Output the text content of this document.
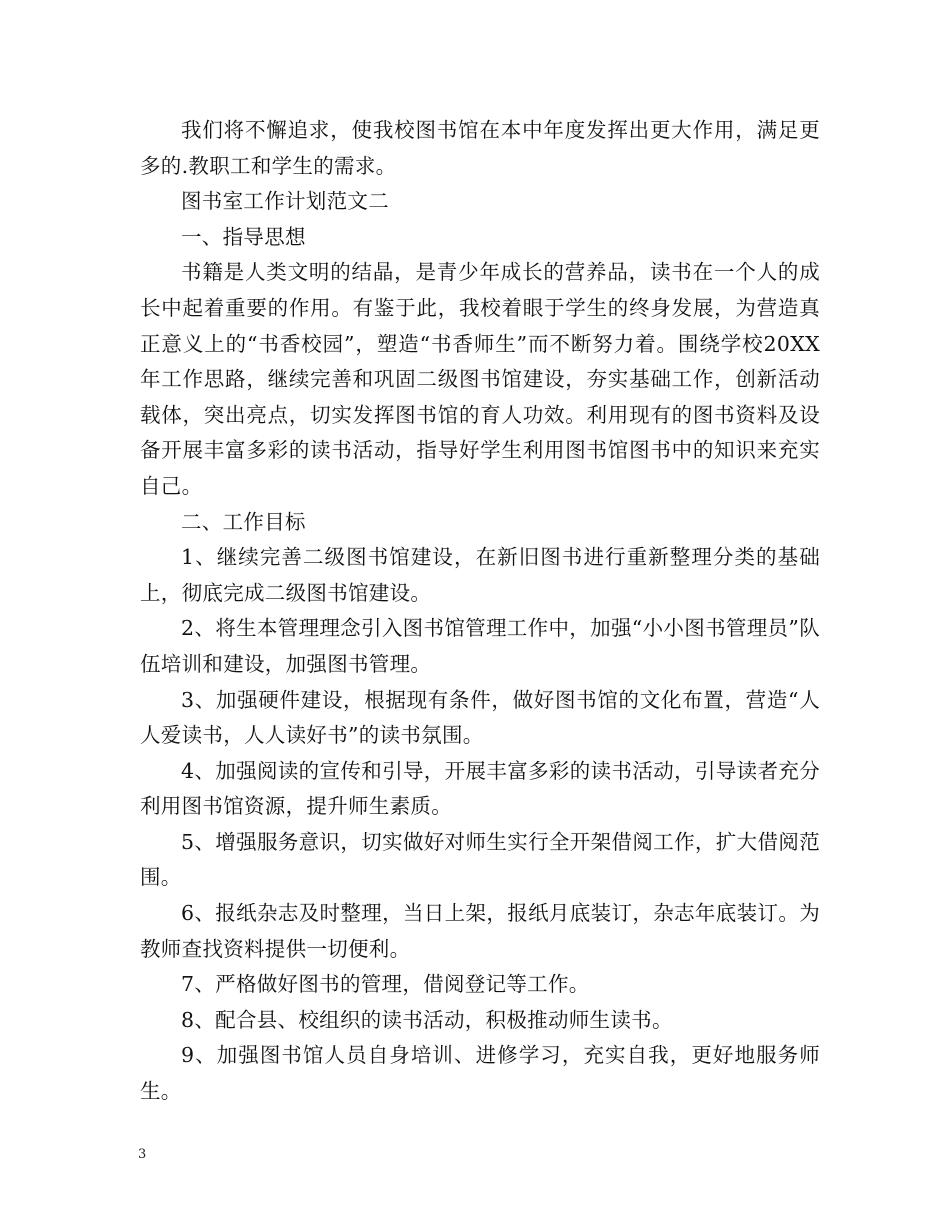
我们将不懈追求，使我校图书馆在本中年度发挥出更大作用，满足更多的.教职工和学生的需求。

图书室工作计划范文二

一、指导思想

书籍是人类文明的结晶，是青少年成长的营养品，读书在一个人的成长中起着重要的作用。有鉴于此，我校着眼于学生的终身发展，为营造真正意义上的“书香校园”，塑造“书香师生”而不断努力着。围绕学校20XX年工作思路，继续完善和巩固二级图书馆建设，夯实基础工作，创新活动载体，突出亮点，切实发挥图书馆的育人功效。利用现有的图书资料及设备开展丰富多彩的读书活动，指导好学生利用图书馆图书中的知识来充实自己。

二、工作目标

1、继续完善二级图书馆建设，在新旧图书进行重新整理分类的基础上，彻底完成二级图书馆建设。

2、将生本管理理念引入图书馆管理工作中，加强“小小图书管理员”队伍培训和建设，加强图书管理。

3、加强硬件建设，根据现有条件，做好图书馆的文化布置，营造“人人爱读书，人人读好书”的读书氛围。

4、加强阅读的宣传和引导，开展丰富多彩的读书活动，引导读者充分利用图书馆资源，提升师生素质。

5、增强服务意识，切实做好对师生实行全开架借阅工作，扩大借阅范围。

6、报纸杂志及时整理，当日上架，报纸月底装订，杂志年底装订。为教师查找资料提供一切便利。

7、严格做好图书的管理，借阅登记等工作。

8、配合县、校组织的读书活动，积极推动师生读书。

9、加强图书馆人员自身培训、进修学习，充实自我，更好地服务师生。

3
